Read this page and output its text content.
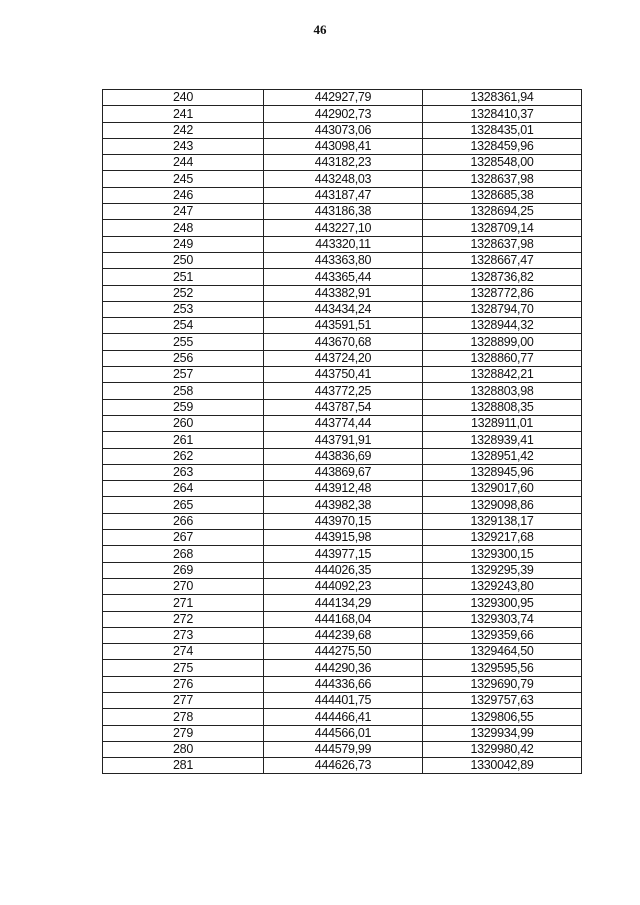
46
240	442927,79	1328361,94
241	442902,73	1328410,37
242	443073,06	1328435,01
243	443098,41	1328459,96
244	443182,23	1328548,00
245	443248,03	1328637,98
246	443187,47	1328685,38
247	443186,38	1328694,25
248	443227,10	1328709,14
249	443320,11	1328637,98
250	443363,80	1328667,47
251	443365,44	1328736,82
252	443382,91	1328772,86
253	443434,24	1328794,70
254	443591,51	1328944,32
255	443670,68	1328899,00
256	443724,20	1328860,77
257	443750,41	1328842,21
258	443772,25	1328803,98
259	443787,54	1328808,35
260	443774,44	1328911,01
261	443791,91	1328939,41
262	443836,69	1328951,42
263	443869,67	1328945,96
264	443912,48	1329017,60
265	443982,38	1329098,86
266	443970,15	1329138,17
267	443915,98	1329217,68
268	443977,15	1329300,15
269	444026,35	1329295,39
270	444092,23	1329243,80
271	444134,29	1329300,95
272	444168,04	1329303,74
273	444239,68	1329359,66
274	444275,50	1329464,50
275	444290,36	1329595,56
276	444336,66	1329690,79
277	444401,75	1329757,63
278	444466,41	1329806,55
279	444566,01	1329934,99
280	444579,99	1329980,42
281	444626,73	1330042,89
